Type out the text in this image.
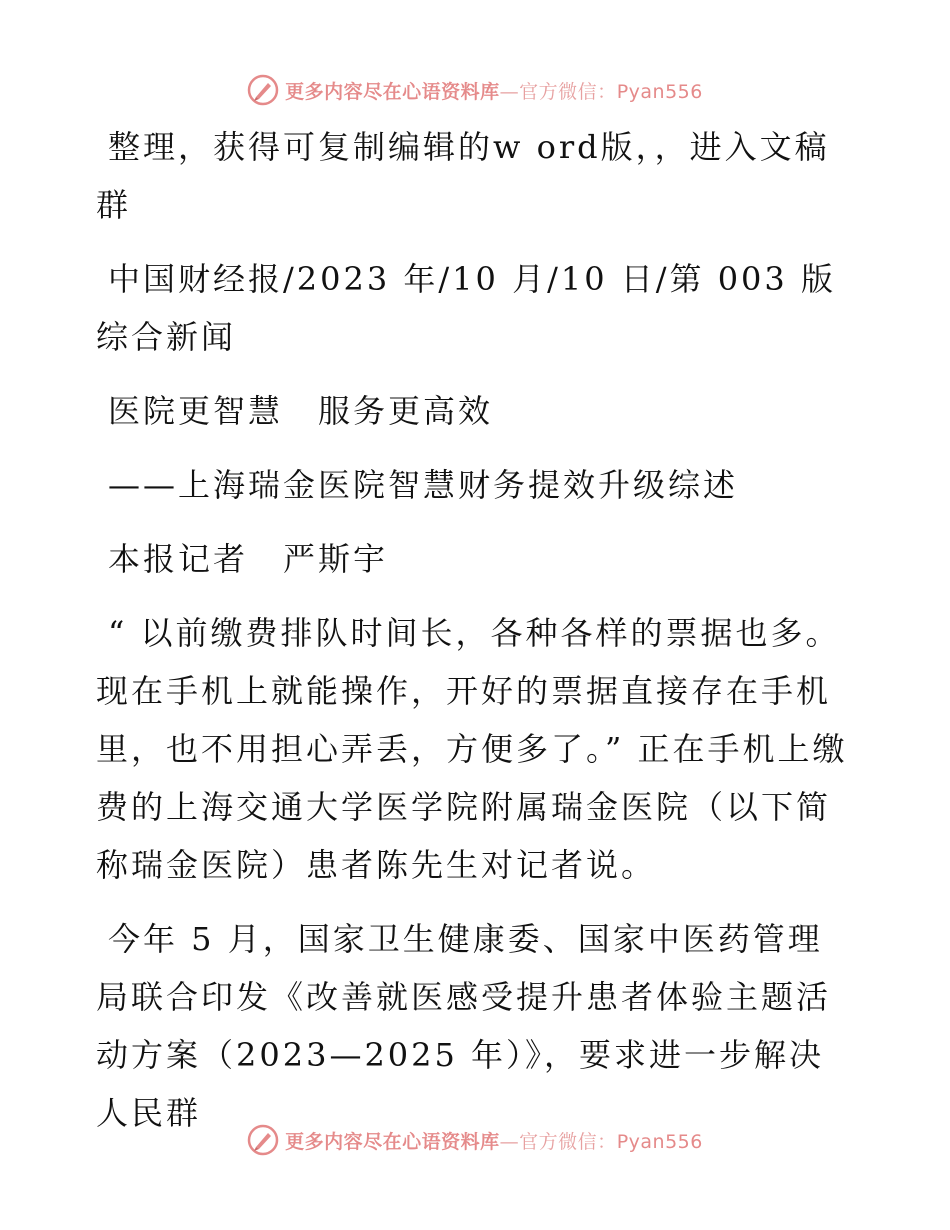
更多内容尽在心语资料库—官方微信：Pyan556

整理，获得可复制编辑的w ord版，，进入文稿群

中国财经报/2023 年/10 月/10 日/第 003 版综合新闻

医院更智慧　服务更高效

——上海瑞金医院智慧财务提效升级综述

本报记者　严斯宇

“ 以前缴费排队时间长，各种各样的票据也多。现在手机上就能操作，开好的票据直接存在手机里，也不用担心弄丢，方便多了。” 正在手机上缴费的上海交通大学医学院附属瑞金医院（以下简称瑞金医院）患者陈先生对记者说。

今年 5 月，国家卫生健康委、国家中医药管理局联合印发《改善就医感受提升患者体验主题活动方案（2023—2025 年）》，要求进一步解决人民群

更多内容尽在心语资料库—官方微信：Pyan556
